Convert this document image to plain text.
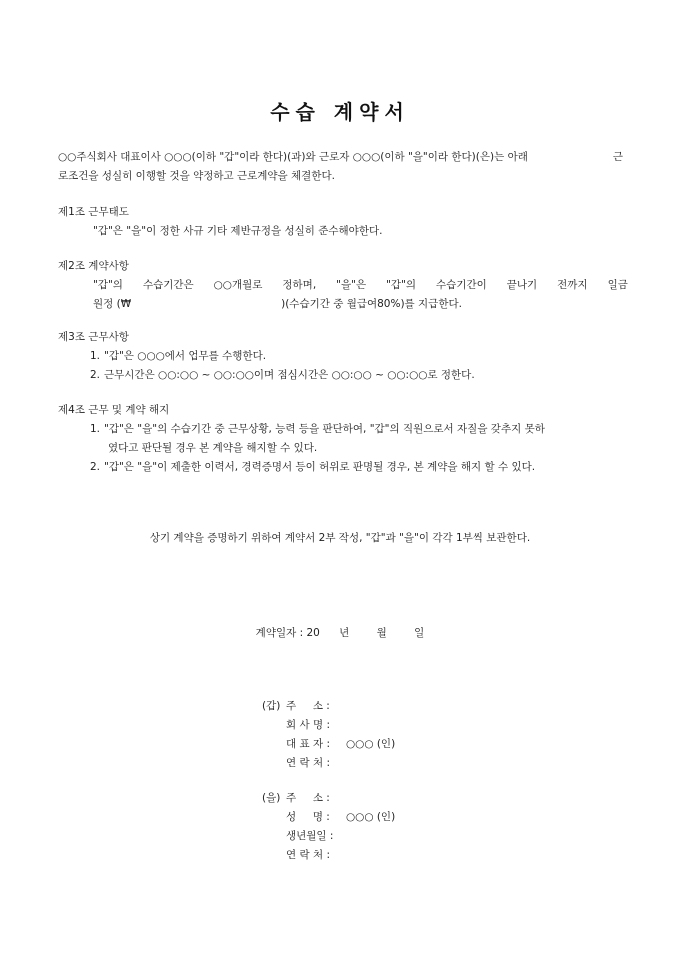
수습 계약서

○○주식회사 대표이사 ○○○(이하 "갑"이라 한다)(과)와 근로자 ○○○(이하 "을"이라 한다)(은)는 아래	근

로조건을 성실히 이행할 것을 약정하고 근로계약을 체결한다.

제1조 근무태도

"갑"은 "을"이 정한 사규 기타 제반규정을 성실히 준수해야한다.

제2조 계약사항

"갑"의 수습기간은 ○○개월로 정하며, "을"은 "갑"의 수습기간이 끝나기 전까지 일금

원정 (₩	)(수습기간 중 월급여80%)를 지급한다.

제3조 근무사항

1. "갑"은 ○○○에서 업무를 수행한다.
2. 근무시간은 ○○:○○ ~ ○○:○○이며 점심시간은 ○○:○○ ~ ○○:○○로 정한다.

제4조 근무 및 계약 해지

1. "갑"은 "을"의 수습기간 중 근무상황, 능력 등을 판단하여, "갑"의 직원으로서 자질을 갖추지 못하
였다고 판단될 경우 본 계약을 해지할 수 있다.
2. "갑"은 "을"이 제출한 이력서, 경력증명서 등이 허위로 판명될 경우, 본 계약을 해지 할 수 있다.
상기 계약을 증명하기 위하여 계약서 2부 작성, "갑"과 "을"이 각각 1부씩 보관한다.
계약일자 : 20 년	월	일
(갑) 주     소 :
회 사 명 :
대 표 자 :	○○○ (인)
연 락 처 :
(을) 주     소 :
성     명 :	○○○ (인)
생년월일 :
연 락 처 :
